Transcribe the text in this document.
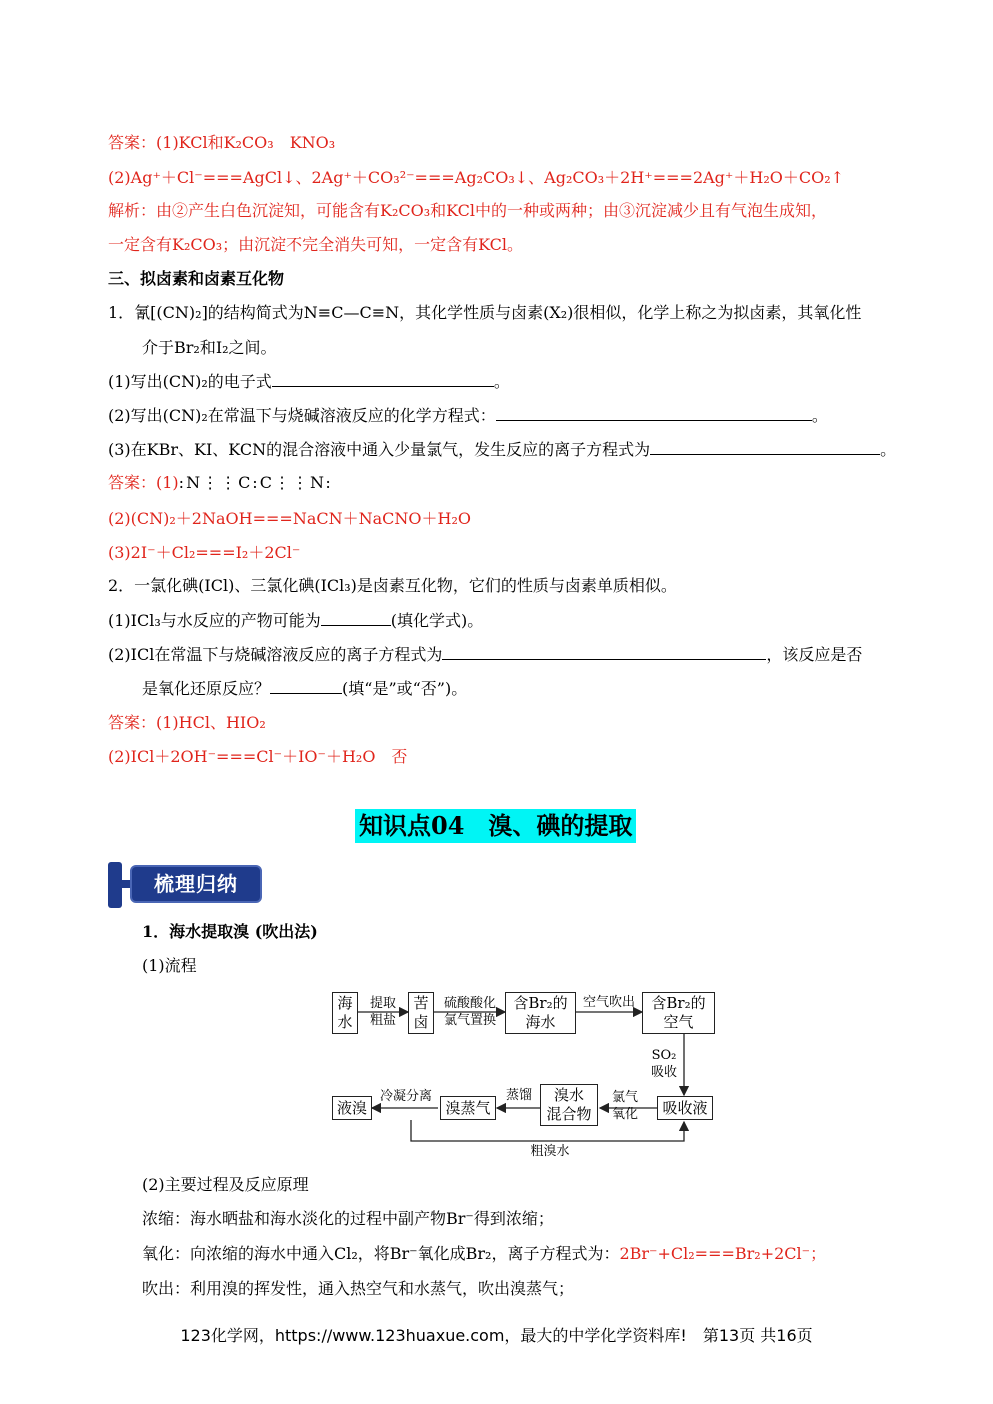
答案：(1)KCl和K₂CO₃　KNO₃
(2)Ag⁺＋Cl⁻===AgCl↓、2Ag⁺＋CO₃²⁻===Ag₂CO₃↓、Ag₂CO₃＋2H⁺===2Ag⁺＋H₂O＋CO₂↑
解析：由②产生白色沉淀知，可能含有K₂CO₃和KCl中的一种或两种；由③沉淀减少且有气泡生成知，
一定含有K₂CO₃；由沉淀不完全消失可知，一定含有KCl。
三、拟卤素和卤素互化物
1．氰[(CN)₂]的结构简式为N≡C—C≡N，其化学性质与卤素(X₂)很相似，化学上称之为拟卤素，其氧化性
介于Br₂和I₂之间。
(1)写出(CN)₂的电子式	。
(2)写出(CN)₂在常温下与烧碱溶液反应的化学方程式：	。
(3)在KBr、KI、KCN的混合溶液中通入少量氯气，发生反应的离子方程式为	。
答案：(1):N⋮⋮C:C⋮⋮N:
(2)(CN)₂＋2NaOH===NaCN＋NaCNO＋H₂O
(3)2I⁻＋Cl₂===I₂＋2Cl⁻
2．一氯化碘(ICl)、三氯化碘(ICl₃)是卤素互化物，它们的性质与卤素单质相似。
(1)ICl₃与水反应的产物可能为	(填化学式)。
(2)ICl在常温下与烧碱溶液反应的离子方程式为	，该反应是否
是氧化还原反应？	(填“是”或“否”)。
答案：(1)HCl、HIO₂
(2)ICl＋2OH⁻===Cl⁻＋IO⁻＋H₂O　否
知识点04　溴、碘的提取
梳理归纳
1．海水提取溴 (吹出法)
(1)流程
海
水
苦
卤
含Br₂的
海水
含Br₂的
空气
吸收液
溴水
混合物
溴蒸气
液溴
提取
粗盐
硫酸酸化
氯气置换
空气吹出
SO₂
吸收
氯气
氧化
蒸馏
冷凝分离
粗溴水
(2)主要过程及反应原理
浓缩：海水晒盐和海水淡化的过程中副产物Br⁻得到浓缩；
氧化：向浓缩的海水中通入Cl₂，将Br⁻氧化成Br₂，离子方程式为：2Br⁻+Cl₂===Br₂+2Cl⁻；
吹出：利用溴的挥发性，通入热空气和水蒸气，吹出溴蒸气；
123化学网，https://www.123huaxue.com，最大的中学化学资料库!　第13页 共16页
